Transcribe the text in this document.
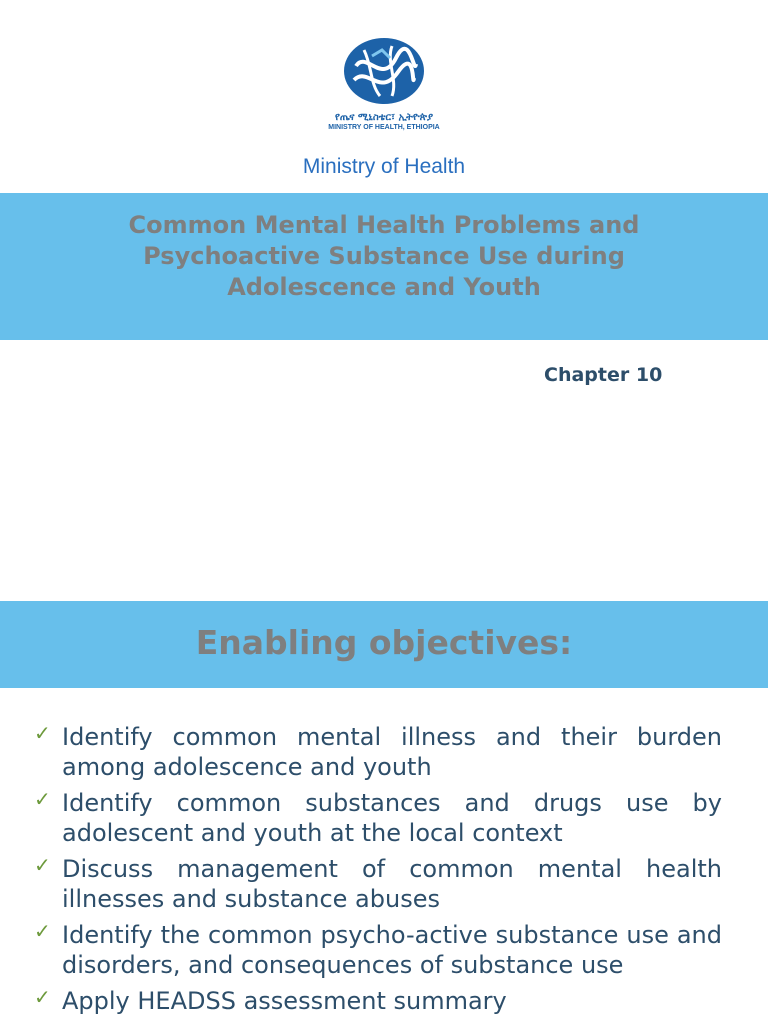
የጤና ሚኒስቴር፣ ኢትዮጵያ
MINISTRY OF HEALTH, ETHIOPIA
Ministry of Health
Common Mental Health Problems and
Psychoactive Substance Use during
Adolescence and Youth
Chapter 10
Enabling objectives:
✓ Identify common mental illness and their burden among adolescence and youth
✓ Identify common substances and drugs use by adolescent and youth at the local context
✓ Discuss management of common mental health illnesses and substance abuses
✓ Identify the common psycho-active substance use and disorders, and consequences of substance use
✓ Apply HEADSS assessment summary
